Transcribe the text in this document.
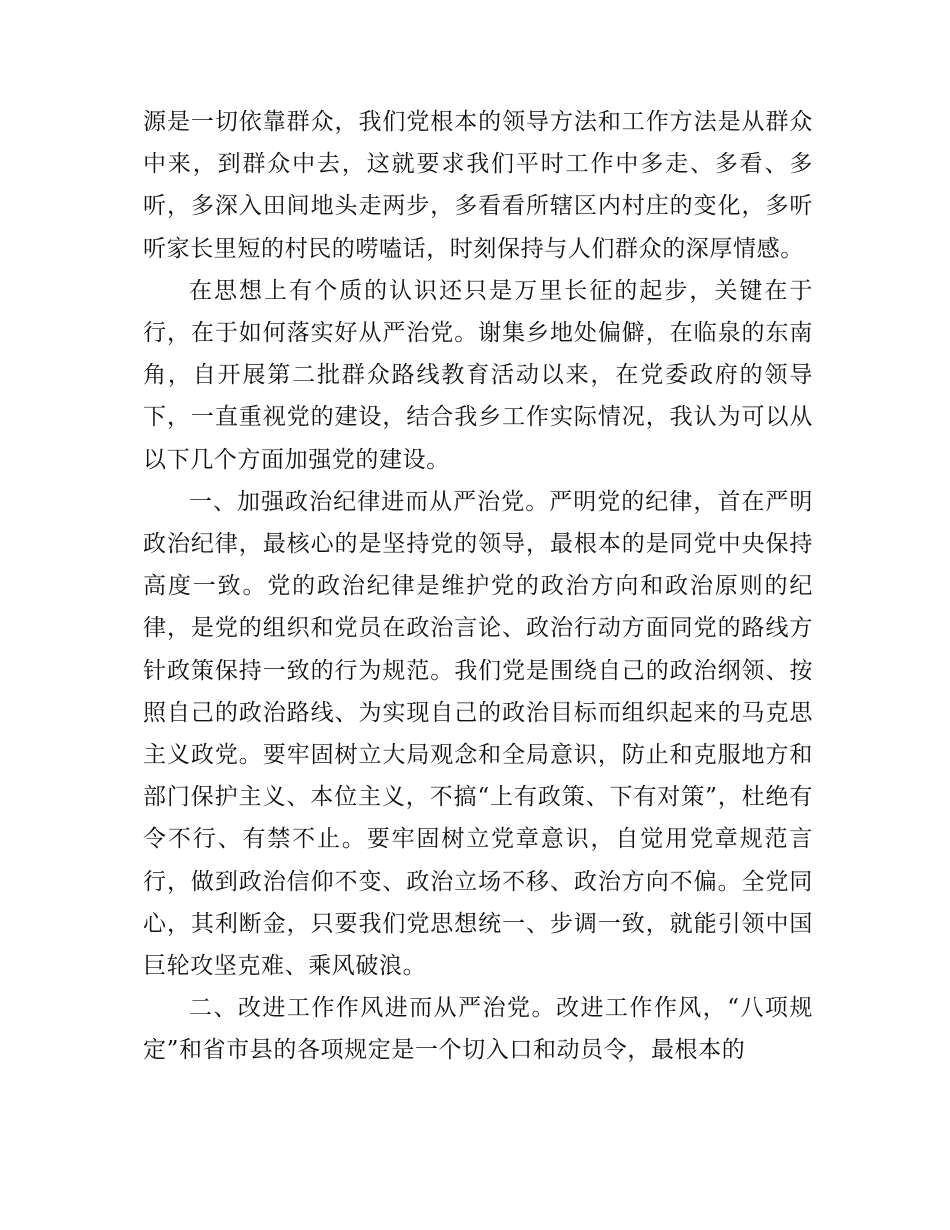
源是一切依靠群众，我们党根本的领导方法和工作方法是从群众中来，到群众中去，这就要求我们平时工作中多走、多看、多听，多深入田间地头走两步，多看看所辖区内村庄的变化，多听听家长里短的村民的唠嗑话，时刻保持与人们群众的深厚情感。

在思想上有个质的认识还只是万里长征的起步，关键在于行，在于如何落实好从严治党。谢集乡地处偏僻，在临泉的东南角，自开展第二批群众路线教育活动以来，在党委政府的领导下，一直重视党的建设，结合我乡工作实际情况，我认为可以从以下几个方面加强党的建设。

一、加强政治纪律进而从严治党。严明党的纪律，首在严明政治纪律，最核心的是坚持党的领导，最根本的是同党中央保持高度一致。党的政治纪律是维护党的政治方向和政治原则的纪律，是党的组织和党员在政治言论、政治行动方面同党的路线方针政策保持一致的行为规范。我们党是围绕自己的政治纲领、按照自己的政治路线、为实现自己的政治目标而组织起来的马克思主义政党。要牢固树立大局观念和全局意识，防止和克服地方和部门保护主义、本位主义，不搞“上有政策、下有对策”，杜绝有令不行、有禁不止。要牢固树立党章意识，自觉用党章规范言行，做到政治信仰不变、政治立场不移、政治方向不偏。全党同心，其利断金，只要我们党思想统一、步调一致，就能引领中国巨轮攻坚克难、乘风破浪。

二、改进工作作风进而从严治党。改进工作作风，“八项规定”和省市县的各项规定是一个切入口和动员令，最根本的
